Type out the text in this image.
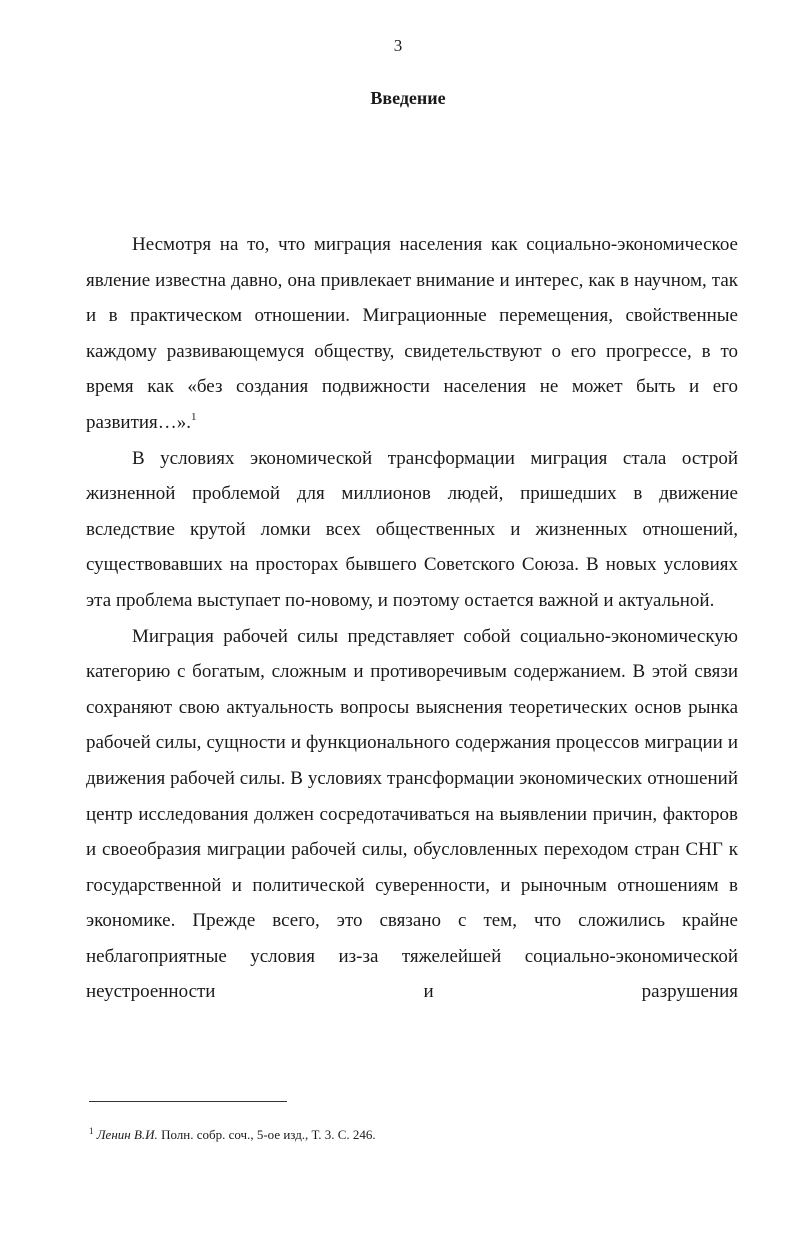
3
Введение

Несмотря на то, что миграция населения как социально-экономическое явление известна давно, она привлекает внимание и интерес, как в научном, так и в практическом отношении. Миграционные перемещения, свойственные каждому развивающемуся обществу, свидетельствуют о его прогрессе, в то время как «без создания подвижности населения не может быть и его развития…».$^1$

В условиях экономической трансформации миграция стала острой жизненной проблемой для миллионов людей, пришедших в движение вследствие крутой ломки всех общественных и жизненных отношений, существовавших на просторах бывшего Советского Союза. В новых условиях эта проблема выступает по-новому, и поэтому остается важной и актуальной.

Миграция рабочей силы представляет собой социально-экономическую категорию с богатым, сложным и противоречивым содержанием. В этой связи сохраняют свою актуальность вопросы выяснения теоретических основ рынка рабочей силы, сущности и функционального содержания процессов миграции и движения рабочей силы. В условиях трансформации экономических отношений центр исследования должен сосредотачиваться на выявлении причин, факторов и своеобразия миграции рабочей силы, обусловленных переходом стран СНГ к государственной и политической суверенности, и рыночным отношениям в экономике. Прежде всего, это связано с тем, что сложились крайне неблагоприятные условия из-за тяжелейшей социально-экономической неустроенности и разрушения

$^1$ Ленин В.И. Полн. собр. соч., 5-ое изд., Т. 3. С. 246.
